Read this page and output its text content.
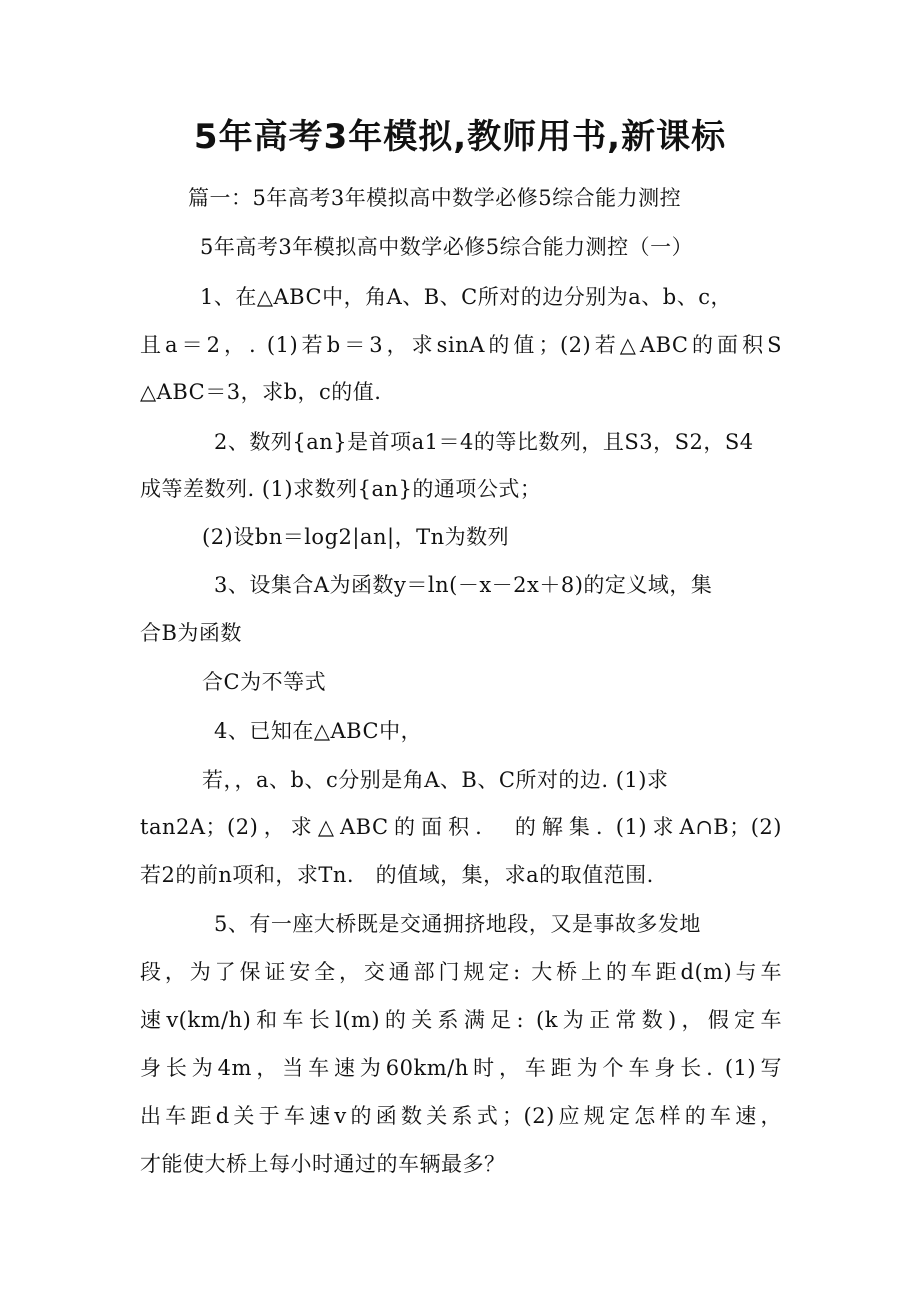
5年高考3年模拟,教师用书,新课标
篇一：5年高考3年模拟高中数学必修5综合能力测控
5年高考3年模拟高中数学必修5综合能力测控（一）
1、在△ABC中，角A、B、C所对的边分别为a、b、c，
且a＝2，. (1)若b＝3，求sinA的值；(2)若△ABC的面积S
△ABC＝3，求b，c的值.
2、数列{an}是首项a1＝4的等比数列，且S3，S2，S4
成等差数列. (1)求数列{an}的通项公式；
(2)设bn＝log2|an|，Tn为数列
3、设集合A为函数y＝ln(－x－2x＋8)的定义域，集
合B为函数
合C为不等式
4、已知在△ABC中，
若，，a、b、c分别是角A、B、C所对的边. (1)求
tan2A；(2)，求△ABC的面积.　的解集. (1)求A∩B；(2)
若2的前n项和，求Tn.　的值域，集，求a的取值范围.
5、有一座大桥既是交通拥挤地段，又是事故多发地
段，为了保证安全，交通部门规定: 大桥上的车距d(m)与车
速v(km/h)和车长l(m)的关系满足: (k为正常数)，假定车
身长为4m，当车速为60km/h时，车距为个车身长. (1)写
出车距d关于车速v的函数关系式；(2)应规定怎样的车速，
才能使大桥上每小时通过的车辆最多？
